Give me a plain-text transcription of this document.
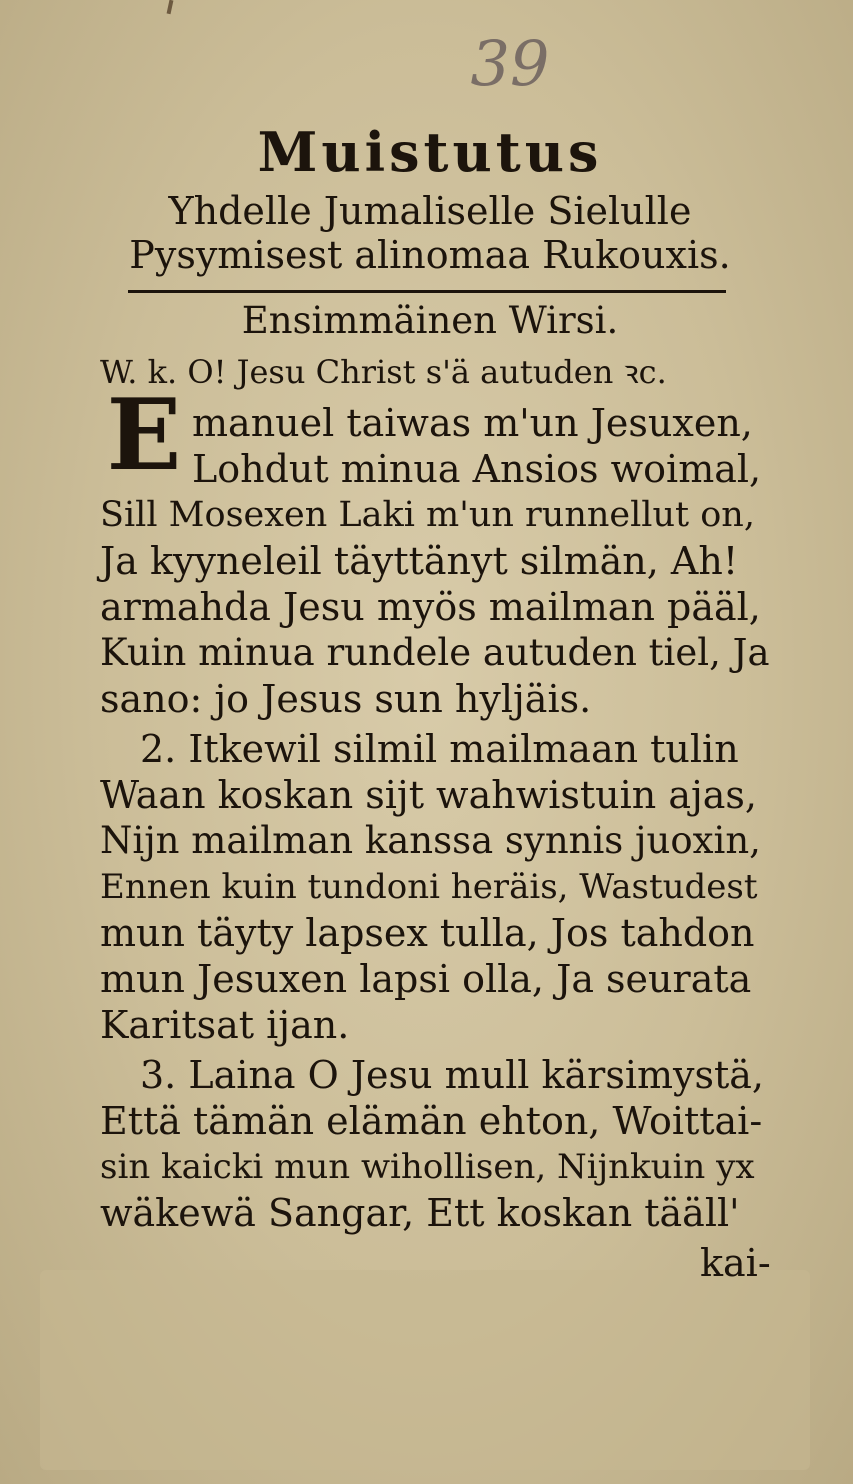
39
Muistutus
Yhdelle Jumaliselle Sielulle
Pysymisest alinomaa Rukouxis.
Ensimmäinen Wirsi.
W. k. O! Jesu Christ s'ä autuden ꝛc.
E manuel taiwas m'un Jesuxen,
Lohdut minua Ansios woimal,
Sill Mosexen Laki m'un runnellut on,
Ja kyyneleil täyttänyt silmän, Ah!
armahda Jesu myös mailman pääl,
Kuin minua rundele autuden tiel, Ja
sano: jo Jesus sun hyljäis.
2. Itkewil silmil mailmaan tulin
Waan koskan sijt wahwistuin ajas,
Nijn mailman kanssa synnis juoxin,
Ennen kuin tundoni heräis, Wastudest
mun täyty lapsex tulla, Jos tahdon
mun Jesuxen lapsi olla, Ja seurata
Karitsat ijan.
3. Laina O Jesu mull kärsimystä,
Että tämän elämän ehton, Woittai-
sin kaicki mun wihollisen, Nijnkuin yx
wäkewä Sangar, Ett koskan tääll'
kai-
